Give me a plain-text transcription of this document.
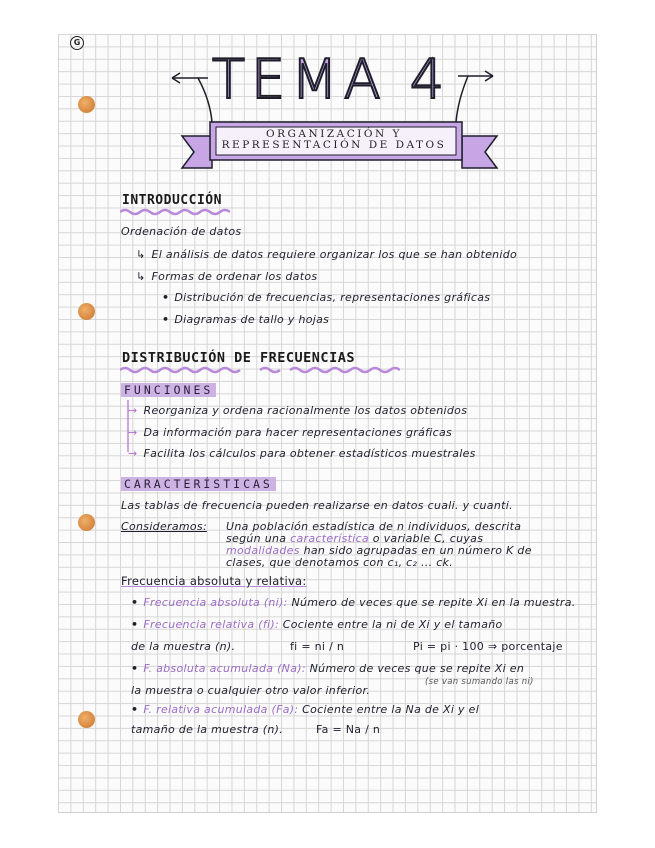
G
TEMA 4
ORGANIZACIÓN Y
REPRESENTACIÓN DE DATOS
INTRODUCCIÓN
Ordenación de datos
↳ El análisis de datos requiere organizar los que se han obtenido
↳ Formas de ordenar los datos
• Distribución de frecuencias, representaciones gráficas
• Diagramas de tallo y hojas
DISTRIBUCIÓN DE FRECUENCIAS
FUNCIONES
→ Reorganiza y ordena racionalmente los datos obtenidos
→ Da información para hacer representaciones gráficas
→ Facilita los cálculos para obtener estadísticos muestrales
CARACTERÍSTICAS
Las tablas de frecuencia pueden realizarse en datos cuali. y cuanti.
Consideramos: Una población estadística de n individuos, descrita
según una característica o variable C, cuyas
modalidades han sido agrupadas en un número K de
clases, que denotamos con c₁, c₂ ... ck.
Frecuencia absoluta y relativa:
• Frecuencia absoluta (ni): Número de veces que se repite Xi en la muestra.
• Frecuencia relativa (fi): Cociente entre la ni de Xi y el tamaño
de la muestra (n).	fi = ni / n	Pi = pi · 100 ⇒ porcentaje
• F. absoluta acumulada (Na): Número de veces que se repite Xi en
la muestra o cualquier otro valor inferior.
(se van sumando las ni)
• F. relativa acumulada (Fa): Cociente entre la Na de Xi y el
tamaño de la muestra (n).	Fa = Na / n
